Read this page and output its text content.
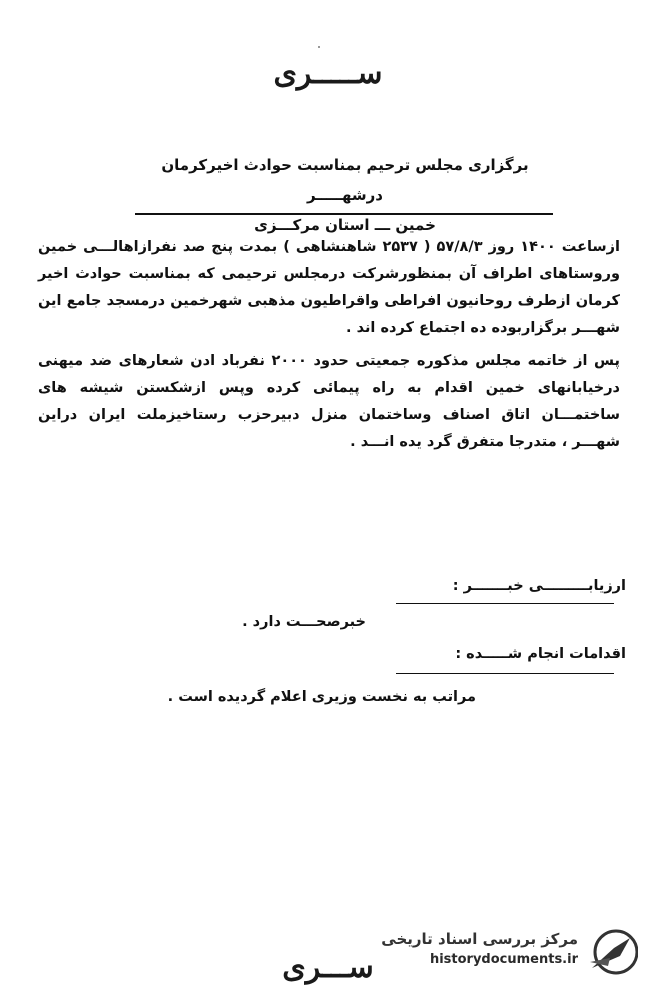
ســـــری
برگزاری مجلس ترحیم بمناسبت حوادث اخیرکرمان درشهـــــر
خمین ـــ استان مرکـــزی

ازساعت ۱۴۰۰ روز ۵۷/۸/۳ ( ۲۵۳۷ شاهنشاهی ) ‌بمدت پنج صد نفرازاهالـــی خمین وروستاهای اطراف آن بمنظورشرکت درمجلس ترحیمی که بمناسبت حوادث اخیر کرمان ازطرف روحانیون افراطی واقراطیون مذهبی شهرخمین درمسجد جامع این شهـــر برگزاربوده ده اجتماع کرده اند .

پس از خاتمه مجلس مذکوره جمعیتی حدود ۲۰۰۰ نفرباد ادن شعارهای ضد میهنی درخیابانهای خمین اقدام به راه پیمائی کرده وپس ازشکستن شیشه های ساختمـــان اتاق اصناف وساختمان منزل دبیرحزب رستاخیزملت ایران دراین شهـــر ، متدرجا متفرق گرد یده انـــد .

ارزیابـــــــــی خبـــــــر :
خبرصحـــت دارد .
اقدامات انجام شـــــده :
مراتب به نخست وزیری اعلام گردیده است .
مرکز بررسی اسناد تاریخی
historydocuments.ir
ســـری
